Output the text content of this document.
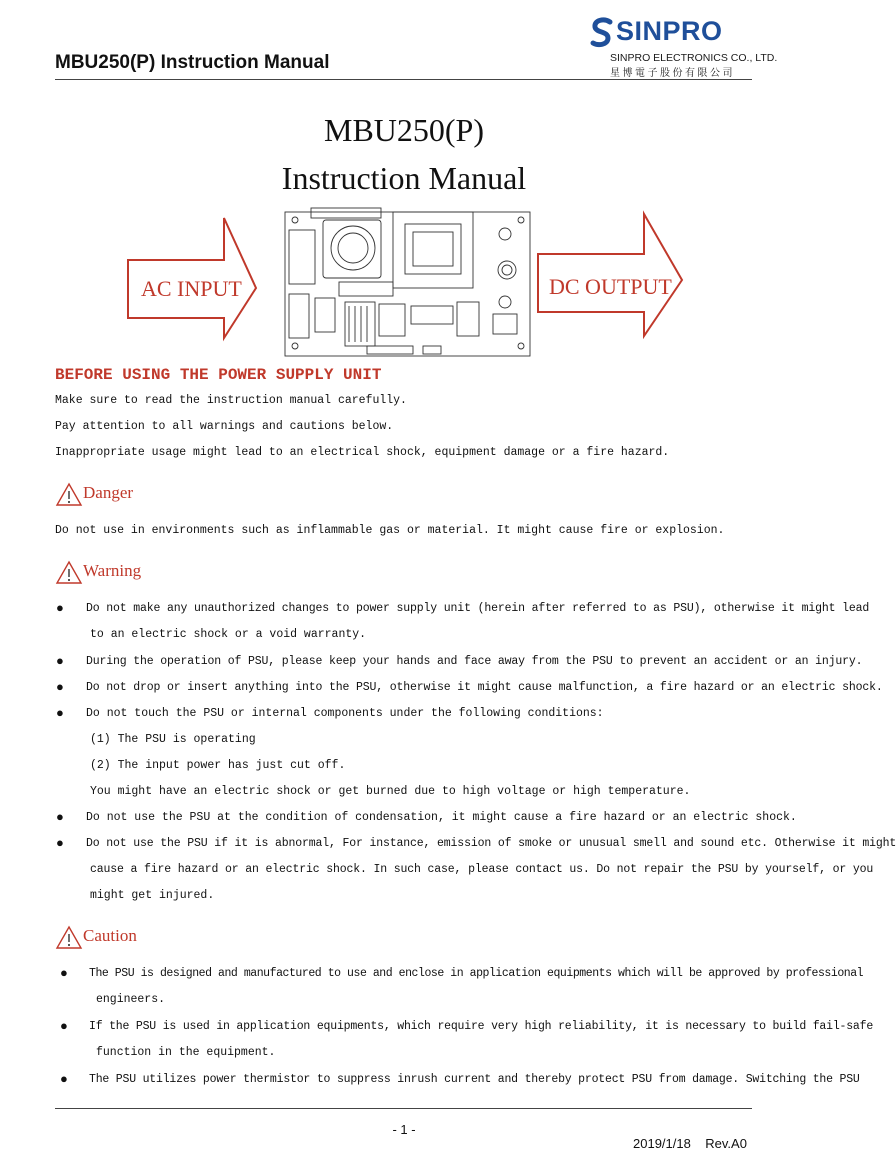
MBU250(P) Instruction Manual
SINPRO
SINPRO ELECTRONICS CO., LTD.
星博電子股份有限公司
MBU250(P)
Instruction Manual
AC INPUT	DC OUTPUT
BEFORE USING THE POWER SUPPLY UNIT
Make sure to read the instruction manual carefully.
Pay attention to all warnings and cautions below.
Inappropriate usage might lead to an electrical shock, equipment damage or a fire hazard.
Danger
Do not use in environments such as inflammable gas or material. It might cause fire or explosion.
Warning
● Do not make any unauthorized changes to power supply unit (herein after referred to as PSU), otherwise it might lead
to an electric shock or a void warranty.
● During the operation of PSU, please keep your hands and face away from the PSU to prevent an accident or an injury.
● Do not drop or insert anything into the PSU, otherwise it might cause malfunction, a fire hazard or an electric shock.
● Do not touch the PSU or internal components under the following conditions:
(1) The PSU is operating
(2) The input power has just cut off.
You might have an electric shock or get burned due to high voltage or high temperature.
● Do not use the PSU at the condition of condensation, it might cause a fire hazard or an electric shock.
● Do not use the PSU if it is abnormal, For instance, emission of smoke or unusual smell and sound etc. Otherwise it might
cause a fire hazard or an electric shock. In such case, please contact us. Do not repair the PSU by yourself, or you
might get injured.
Caution
● The PSU is designed and manufactured to use and enclose in application equipments which will be approved by professional
engineers.
● If the PSU is used in application equipments, which require very high reliability, it is necessary to build fail-safe
function in the equipment.
● The PSU utilizes power thermistor to suppress inrush current and thereby protect PSU from damage. Switching the PSU
- 1 -
2019/1/18    Rev.A0
